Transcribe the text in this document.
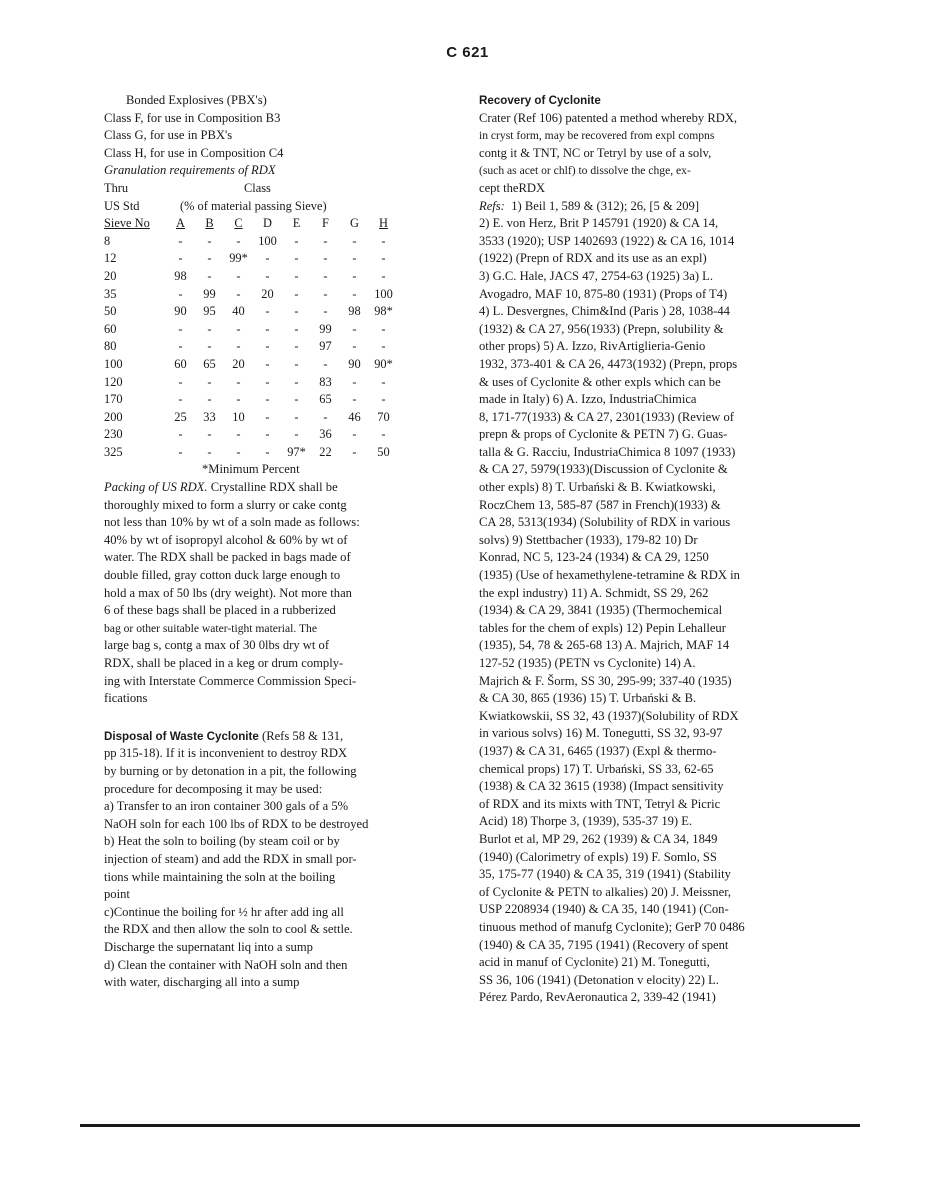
C 621
Bonded Explosives (PBX's)
Class F, for use in Composition B3
Class G, for use in PBX's
Class H, for use in Composition C4
Granulation requirements of RDX
Thru	Class							
US Std	(% of material passing Sieve)							
Sieve No	A	B	C	D	E	F	G	H
8	-	-	-	100	-	-	-	-
12	-	-	99*	-	-	-	-	-
20	98	-	-	-	-	-	-	-
35	-	99	-	20	-	-	-	100
50	90	95	40	-	-	-	98	98*
60	-	-	-	-	-	99	-	-
80	-	-	-	-	-	97	-	-
100	60	65	20	-	-	-	90	90*
120	-	-	-	-	-	83	-	-
170	-	-	-	-	-	65	-	-
200	25	33	10	-	-	-	46	70
230	-	-	-	-	-	36	-	-
325	-	-	-	-	97*	22	-	50
*Minimum Percent
Packing of US RDX. Crystalline RDX shall be
thoroughly mixed to form a slurry or cake contg
not less than 10% by wt of a soln made as follows:
40% by wt of isopropyl alcohol & 60% by wt of
water. The RDX shall be packed in bags made of
double filled, gray cotton duck large enough to
hold a max of 50 lbs (dry weight). Not more than
6 of these bags shall be placed in a rubberized
bag or other suitable water-tight material. The
large bag s, contg a max of 30 0lbs dry wt of
RDX, shall be placed in a keg or drum comply-
ing with Interstate Commerce Commission Speci-
fications
Disposal of Waste Cyclonite (Refs 58 & 131,
pp 315-18). If it is inconvenient to destroy RDX
by burning or by detonation in a pit, the following
procedure for decomposing it may be used:
a) Transfer to an iron container 300 gals of a 5%
NaOH soln for each 100 lbs of RDX to be destroyed
b) Heat the soln to boiling (by steam coil or by
injection of steam) and add the RDX in small por-
tions while maintaining the soln at the boiling
point
c)Continue the boiling for ½ hr after add ing all
the RDX and then allow the soln to cool & settle.
Discharge the supernatant liq into a sump
d) Clean the container with NaOH soln and then
with water, discharging all into a sump
Recovery of Cyclonite
Crater (Ref 106) patented a method whereby RDX,
in cryst form, may be recovered from expl compns
contg it & TNT, NC or Tetryl by use of a solv,
(such as acet or chlf) to dissolve the chge, ex-
cept theRDX
Refs: 1) Beil 1, 589 & (312); 26, [5 & 209]
2) E. von Herz, Brit P 145791 (1920) & CA 14,
3533 (1920); USP 1402693 (1922) & CA 16, 1014
(1922) (Prepn of RDX and its use as an expl)
3) G.C. Hale, JACS 47, 2754-63 (1925) 3a) L.
Avogadro, MAF 10, 875-80 (1931) (Props of T4)
4) L. Desvergnes, Chim&Ind (Paris ) 28, 1038-44
(1932) & CA 27, 956(1933) (Prepn, solubility &
other props) 5) A. Izzo, RivArtiglieria-Genio
1932, 373-401 & CA 26, 4473(1932) (Prepn, props
& uses of Cyclonite & other expls which can be
made in Italy) 6) A. Izzo, IndustriaChimica
8, 171-77(1933) & CA 27, 2301(1933) (Review of
prepn & props of Cyclonite & PETN 7) G. Guas-
talla & G. Racciu, IndustriaChimica 8 1097 (1933)
& CA 27, 5979(1933)(Discussion of Cyclonite &
other expls) 8) T. Urbański & B. Kwiatkowski,
RoczChem 13, 585-87 (587 in French)(1933) &
CA 28, 5313(1934) (Solubility of RDX in various
solvs) 9) Stettbacher (1933), 179-82 10) Dr
Konrad, NC 5, 123-24 (1934) & CA 29, 1250
(1935) (Use of hexamethylene-tetramine & RDX in
the expl industry) 11) A. Schmidt, SS 29, 262
(1934) & CA 29, 3841 (1935) (Thermochemical
tables for the chem of expls) 12) Pepin Lehalleur
(1935), 54, 78 & 265-68 13) A. Majrich, MAF 14
127-52 (1935) (PETN vs Cyclonite) 14) A.
Majrich & F. Šorm, SS 30, 295-99; 337-40 (1935)
& CA 30, 865 (1936) 15) T. Urbański & B.
Kwiatkowskii, SS 32, 43 (1937)(Solubility of RDX
in various solvs) 16) M. Tonegutti, SS 32, 93-97
(1937) & CA 31, 6465 (1937) (Expl & thermo-
chemical props) 17) T. Urbański, SS 33, 62-65
(1938) & CA 32 3615 (1938) (Impact sensitivity
of RDX and its mixts with TNT, Tetryl & Picric
Acid) 18) Thorpe 3, (1939), 535-37 19) E.
Burlot et al, MP 29, 262 (1939) & CA 34, 1849
(1940) (Calorimetry of expls) 19) F. Somlo, SS
35, 175-77 (1940) & CA 35, 319 (1941) (Stability
of Cyclonite & PETN to alkalies) 20) J. Meissner,
USP 2208934 (1940) & CA 35, 140 (1941) (Con-
tinuous method of manufg Cyclonite); GerP 70 0486
(1940) & CA 35, 7195 (1941) (Recovery of spent
acid in manuf of Cyclonite) 21) M. Tonegutti,
SS 36, 106 (1941) (Detonation v elocity) 22) L.
Pérez Pardo, RevAeronautica 2, 339-42 (1941)
